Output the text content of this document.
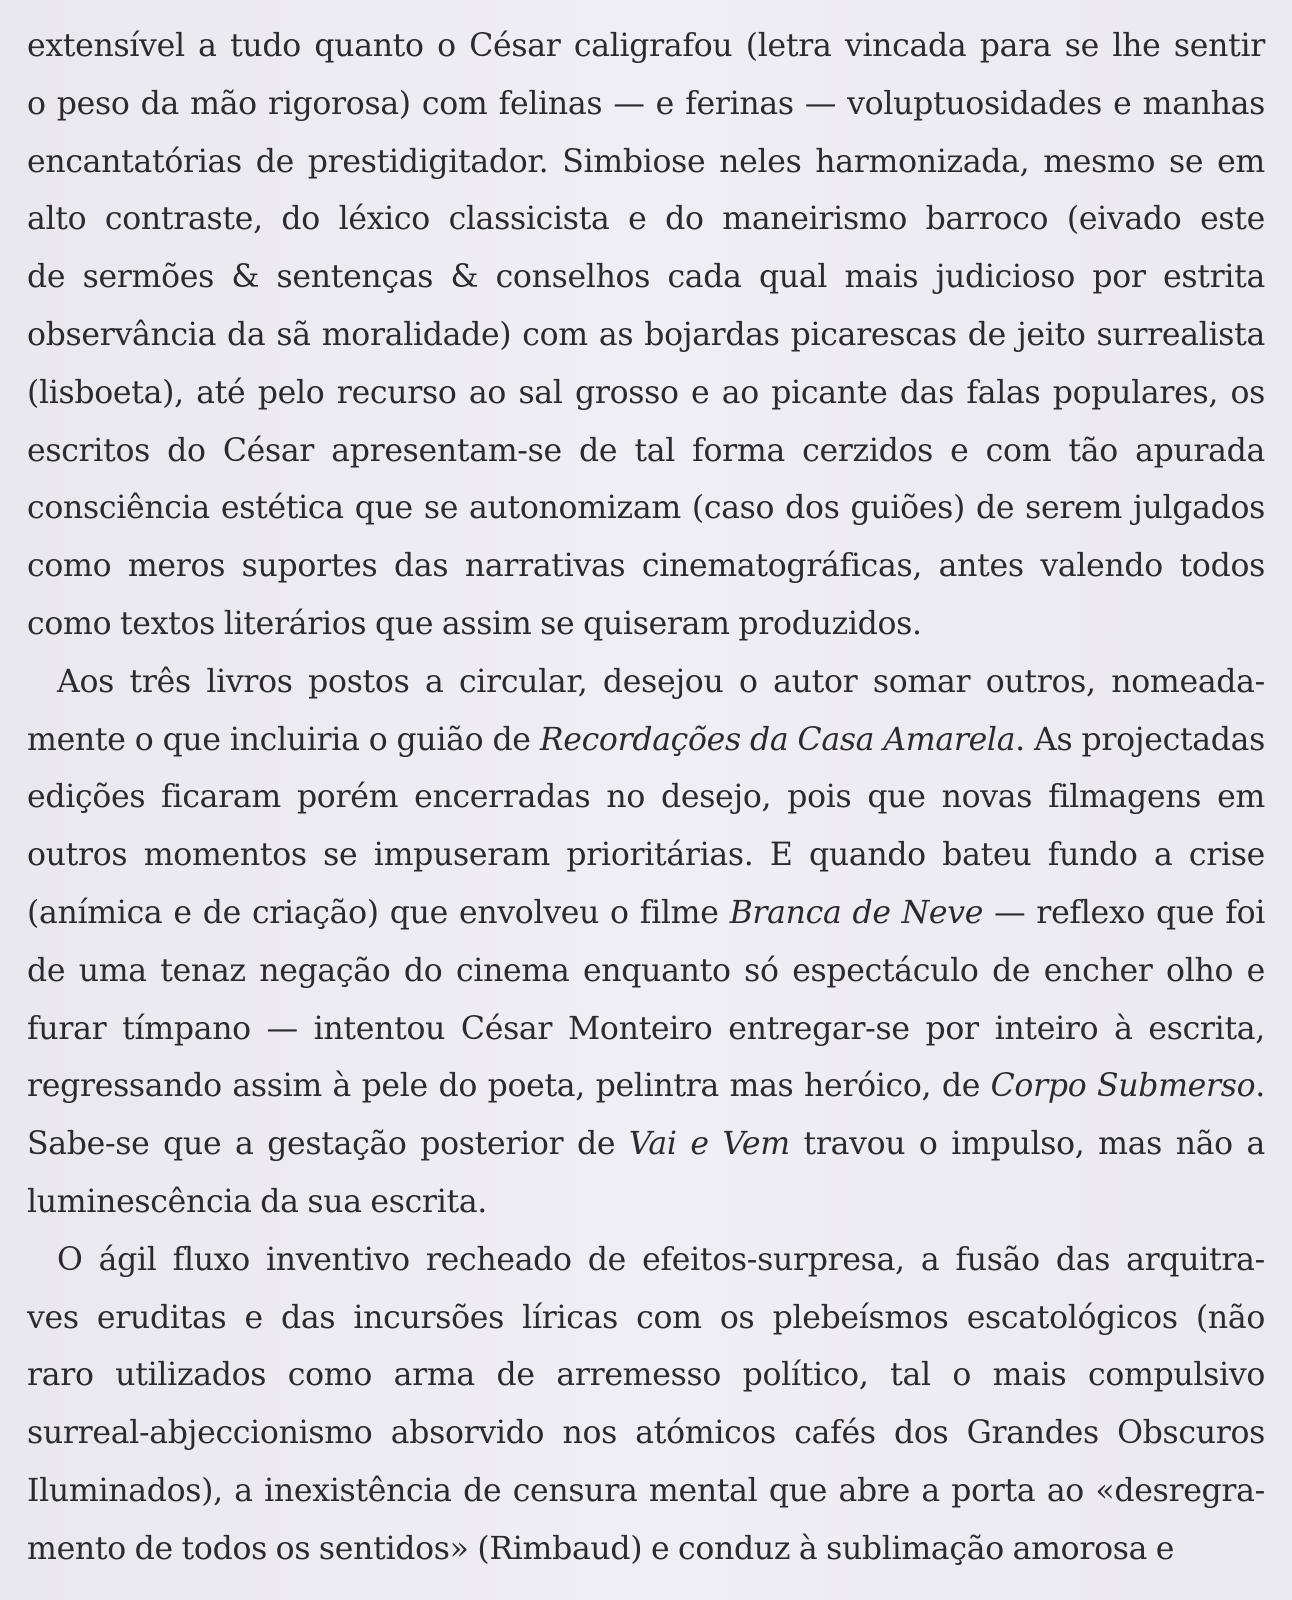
extensível a tudo quanto o César caligrafou (letra vincada para se lhe sentir
o peso da mão rigorosa) com felinas — e ferinas — voluptuosidades e manhas
encantatórias de prestidigitador. Simbiose neles harmonizada, mesmo se em
alto contraste, do léxico classicista e do maneirismo barroco (eivado este
de sermões & sentenças & conselhos cada qual mais judicioso por estrita
observância da sã moralidade) com as bojardas picarescas de jeito surrealista
(lisboeta), até pelo recurso ao sal grosso e ao picante das falas populares, os
escritos do César apresentam-se de tal forma cerzidos e com tão apurada
consciência estética que se autonomizam (caso dos guiões) de serem julgados
como meros suportes das narrativas cinematográficas, antes valendo todos
como textos literários que assim se quiseram produzidos.

Aos três livros postos a circular, desejou o autor somar outros, nomeada-
mente o que incluiria o guião de Recordações da Casa Amarela. As projectadas
edições ficaram porém encerradas no desejo, pois que novas filmagens em
outros momentos se impuseram prioritárias. E quando bateu fundo a crise
(anímica e de criação) que envolveu o filme Branca de Neve — reflexo que foi
de uma tenaz negação do cinema enquanto só espectáculo de encher olho e
furar tímpano — intentou César Monteiro entregar-se por inteiro à escrita,
regressando assim à pele do poeta, pelintra mas heróico, de Corpo Submerso.
Sabe-se que a gestação posterior de Vai e Vem travou o impulso, mas não a
luminescência da sua escrita.

O ágil fluxo inventivo recheado de efeitos-surpresa, a fusão das arquitra-
ves eruditas e das incursões líricas com os plebeísmos escatológicos (não
raro utilizados como arma de arremesso político, tal o mais compulsivo
surreal-abjeccionismo absorvido nos atómicos cafés dos Grandes Obscuros
Iluminados), a inexistência de censura mental que abre a porta ao «desregra-
mento de todos os sentidos» (Rimbaud) e conduz à sublimação amorosa e
